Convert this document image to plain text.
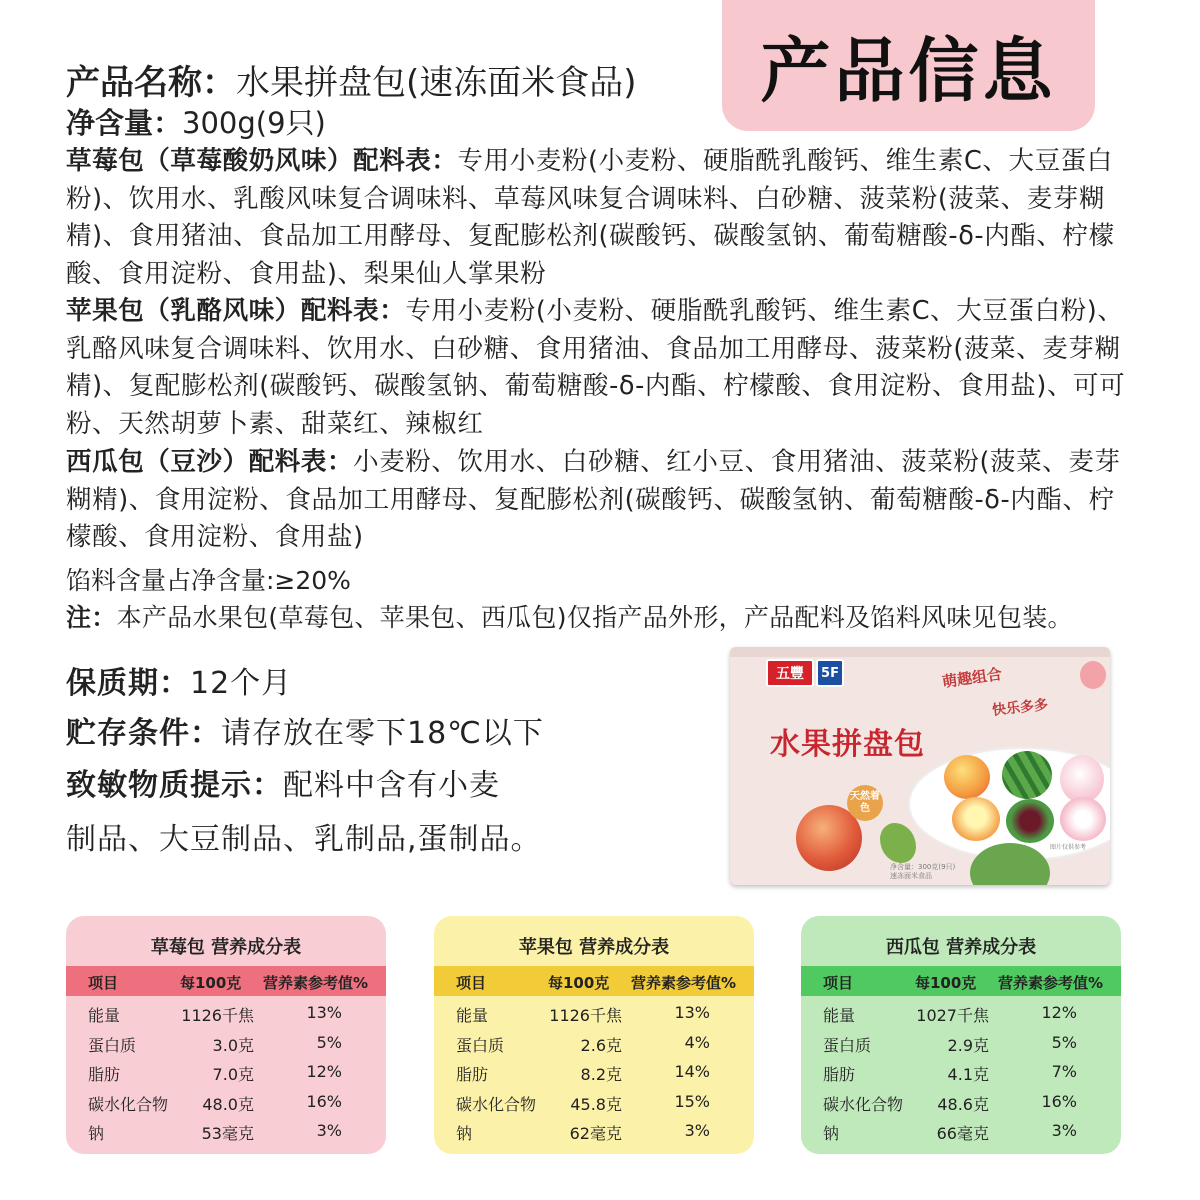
产品信息
产品名称：水果拼盘包(速冻面米食品)
净含量：300g(9只)

草莓包（草莓酸奶风味）配料表：专用小麦粉(小麦粉、硬脂酰乳酸钙、维生素C、大豆蛋白粉)、饮用水、乳酸风味复合调味料、草莓风味复合调味料、白砂糖、菠菜粉(菠菜、麦芽糊精)、食用猪油、食品加工用酵母、复配膨松剂(碳酸钙、碳酸氢钠、葡萄糖酸-δ-内酯、柠檬酸、食用淀粉、食用盐)、梨果仙人掌果粉

苹果包（乳酪风味）配料表：专用小麦粉(小麦粉、硬脂酰乳酸钙、维生素C、大豆蛋白粉)、乳酪风味复合调味料、饮用水、白砂糖、食用猪油、食品加工用酵母、菠菜粉(菠菜、麦芽糊精)、复配膨松剂(碳酸钙、碳酸氢钠、葡萄糖酸-δ-内酯、柠檬酸、食用淀粉、食用盐)、可可粉、天然胡萝卜素、甜菜红、辣椒红

西瓜包（豆沙）配料表：小麦粉、饮用水、白砂糖、红小豆、食用猪油、菠菜粉(菠菜、麦芽糊精)、食用淀粉、食品加工用酵母、复配膨松剂(碳酸钙、碳酸氢钠、葡萄糖酸-δ-内酯、柠檬酸、食用淀粉、食用盐)

馅料含量占净含量:≥20%
注：本产品水果包(草莓包、苹果包、西瓜包)仅指产品外形，产品配料及馅料风味见包装。
保质期：12个月
贮存条件：请存放在零下18℃以下
致敏物质提示：配料中含有小麦
制品、大豆制品、乳制品,蛋制品。
五豐	5F	萌趣组合
快乐多多
水果拼盘包
天然着色
净含量：300克(9只)
速冻面米食品
图片仅供参考
草莓包 营养成分表
项目	每100克 营养素参考值%
能量	1126千焦	13%
蛋白质	3.0克	5%
脂肪	7.0克	12%
碳水化合物 48.0克	16%
钠	53毫克	3%
苹果包 营养成分表
项目	每100克 营养素参考值%
能量	1126千焦	13%
蛋白质	2.6克	4%
脂肪	8.2克	14%
碳水化合物 45.8克	15%
钠	62毫克	3%
西瓜包 营养成分表
项目	每100克 营养素参考值%
能量	1027千焦	12%
蛋白质	2.9克	5%
脂肪	4.1克	7%
碳水化合物 48.6克	16%
钠	66毫克	3%
